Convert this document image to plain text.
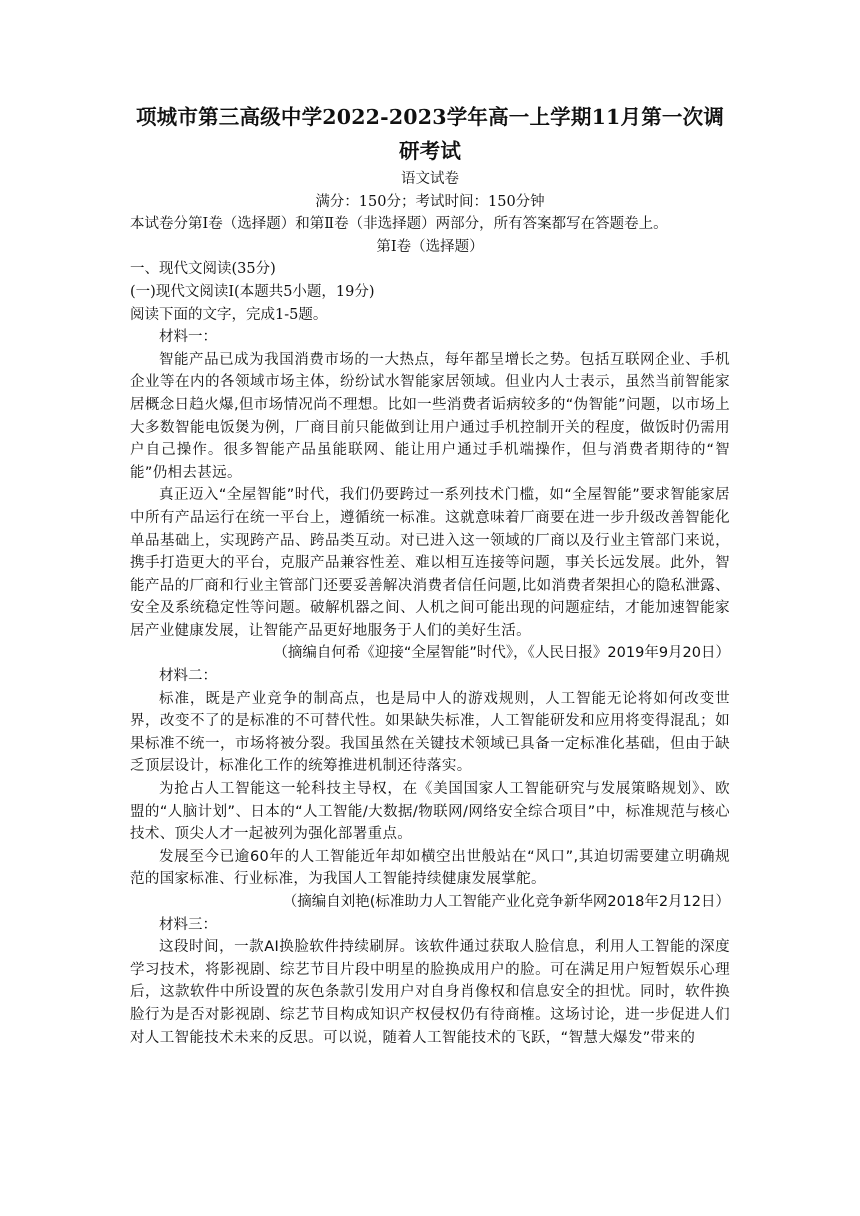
项城市第三高级中学2022-2023学年高一上学期11月第一次调研考试
语文试卷
满分：150分；考试时间：150分钟

本试卷分第Ⅰ卷（选择题）和第Ⅱ卷（非选择题）两部分，所有答案都写在答题卷上。

第Ⅰ卷（选择题）

一、现代文阅读(35分)

(一)现代文阅读Ⅰ(本题共5小题，19分)

阅读下面的文字，完成1-5题。

材料一：

智能产品已成为我国消费市场的一大热点，每年都呈增长之势。包括互联网企业、手机企业等在内的各领域市场主体，纷纷试水智能家居领域。但业内人士表示，虽然当前智能家居概念日趋火爆,但市场情况尚不理想。比如一些消费者诟病较多的“伪智能”问题，以市场上大多数智能电饭煲为例，厂商目前只能做到让用户通过手机控制开关的程度，做饭时仍需用户自己操作。很多智能产品虽能联网、能让用户通过手机端操作，但与消费者期待的“智能”仍相去甚远。

真正迈入“全屋智能”时代，我们仍要跨过一系列技术门槛，如“全屋智能”要求智能家居中所有产品运行在统一平台上，遵循统一标准。这就意味着厂商要在进一步升级改善智能化单品基础上，实现跨产品、跨品类互动。对已进入这一领域的厂商以及行业主管部门来说，携手打造更大的平台，克服产品兼容性差、难以相互连接等问题，事关长远发展。此外，智能产品的厂商和行业主管部门还要妥善解决消费者信任问题,比如消费者架担心的隐私泄露、安全及系统稳定性等问题。破解机器之间、人机之间可能出现的问题症结，才能加速智能家居产业健康发展，让智能产品更好地服务于人们的美好生活。

（摘编自何希《迎接“全屋智能”时代》，《人民日报》2019年9月20日）

材料二：

标准，既是产业竞争的制高点，也是局中人的游戏规则，人工智能无论将如何改变世界，改变不了的是标准的不可替代性。如果缺失标准，人工智能研发和应用将变得混乱；如果标准不统一，市场将被分裂。我国虽然在关键技术领域已具备一定标准化基础，但由于缺乏顶层设计，标准化工作的统筹推进机制还待落实。

为抢占人工智能这一轮科技主导权，在《美国国家人工智能研究与发展策略规划》、欧盟的“人脑计划”、日本的“人工智能/大数据/物联网/网络安全综合项目”中，标准规范与核心技术、顶尖人才一起被列为强化部署重点。

发展至今已逾60年的人工智能近年却如横空出世般站在“风口”,其迫切需要建立明确规范的国家标准、行业标准，为我国人工智能持续健康发展掌舵。

（摘编自刘艳(标准助力人工智能产业化竞争新华网2018年2月12日）

材料三：

这段时间，一款AI换脸软件持续刷屏。该软件通过获取人脸信息，利用人工智能的深度学习技术，将影视剧、综艺节目片段中明星的脸换成用户的脸。可在满足用户短暂娱乐心理后，这款软件中所设置的灰色条款引发用户对自身肖像权和信息安全的担忧。同时，软件换脸行为是否对影视剧、综艺节目构成知识产权侵权仍有待商榷。这场讨论，进一步促进人们对人工智能技术未来的反思。可以说，随着人工智能技术的飞跃，“智慧大爆发”带来的
